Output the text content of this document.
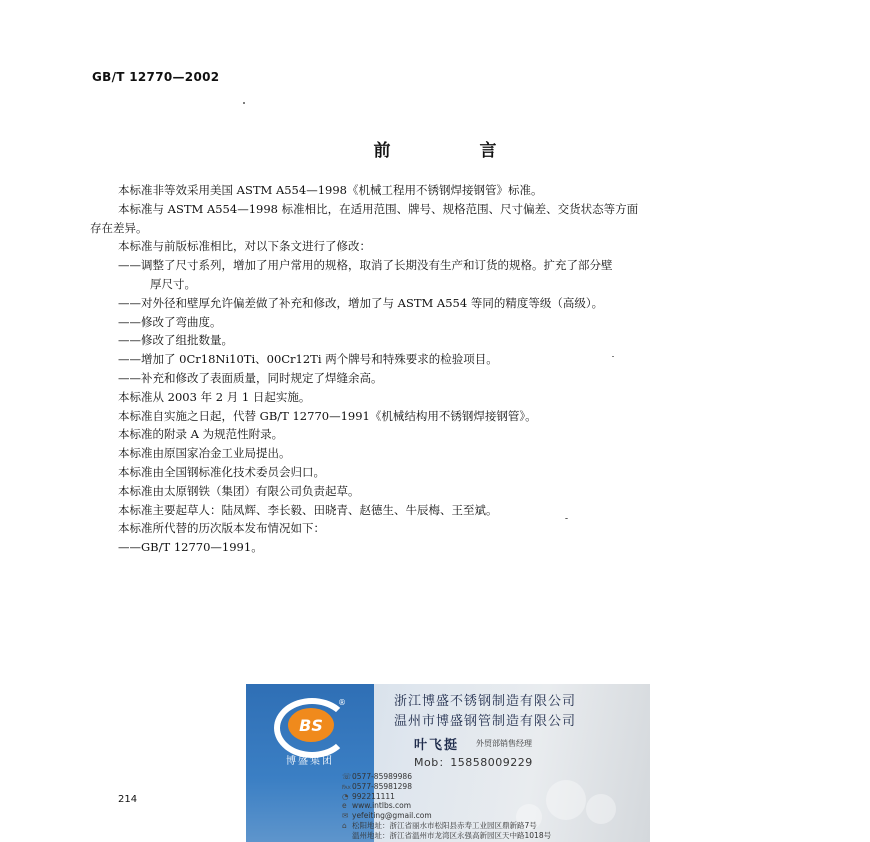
GB/T 12770—2002
前　言

本标准非等效采用美国 ASTM A554—1998《机械工程用不锈钢焊接钢管》标准。

本标准与 ASTM A554—1998 标准相比，在适用范围、牌号、规格范围、尺寸偏差、交货状态等方面

存在差异。

本标准与前版标准相比，对以下条文进行了修改：

——调整了尺寸系列，增加了用户常用的规格，取消了长期没有生产和订货的规格。扩充了部分壁

厚尺寸。

——对外径和壁厚允许偏差做了补充和修改，增加了与 ASTM A554 等同的精度等级（高级）。

——修改了弯曲度。

——修改了组批数量。

——增加了 0Cr18Ni10Ti、00Cr12Ti 两个牌号和特殊要求的检验项目。

——补充和修改了表面质量，同时规定了焊缝余高。

本标准从 2003 年 2 月 1 日起实施。

本标准自实施之日起，代替 GB/T 12770—1991《机械结构用不锈钢焊接钢管》。

本标准的附录 A 为规范性附录。

本标准由原国家冶金工业局提出。

本标准由全国钢标准化技术委员会归口。

本标准由太原钢铁（集团）有限公司负责起草。

本标准主要起草人：陆凤辉、李长毅、田晓青、赵德生、牛辰梅、王至斌。

本标准所代替的历次版本发布情况如下：

——GB/T 12770—1991。

214
BS
®
博盛集团
浙江博盛不锈钢制造有限公司
温州市博盛钢管制造有限公司
叶飞挺 外贸部销售经理
Mob：15858009229
☏0577-85989986
℻0577-85981298
◔ 992211111
e www.intlbs.com
✉ yefeiting@gmail.com
⌂ 松阳地址：浙江省丽水市松阳县赤寿工业园区鼎新路7号
温州地址：浙江省温州市龙湾区永强高新园区天中路1018号
